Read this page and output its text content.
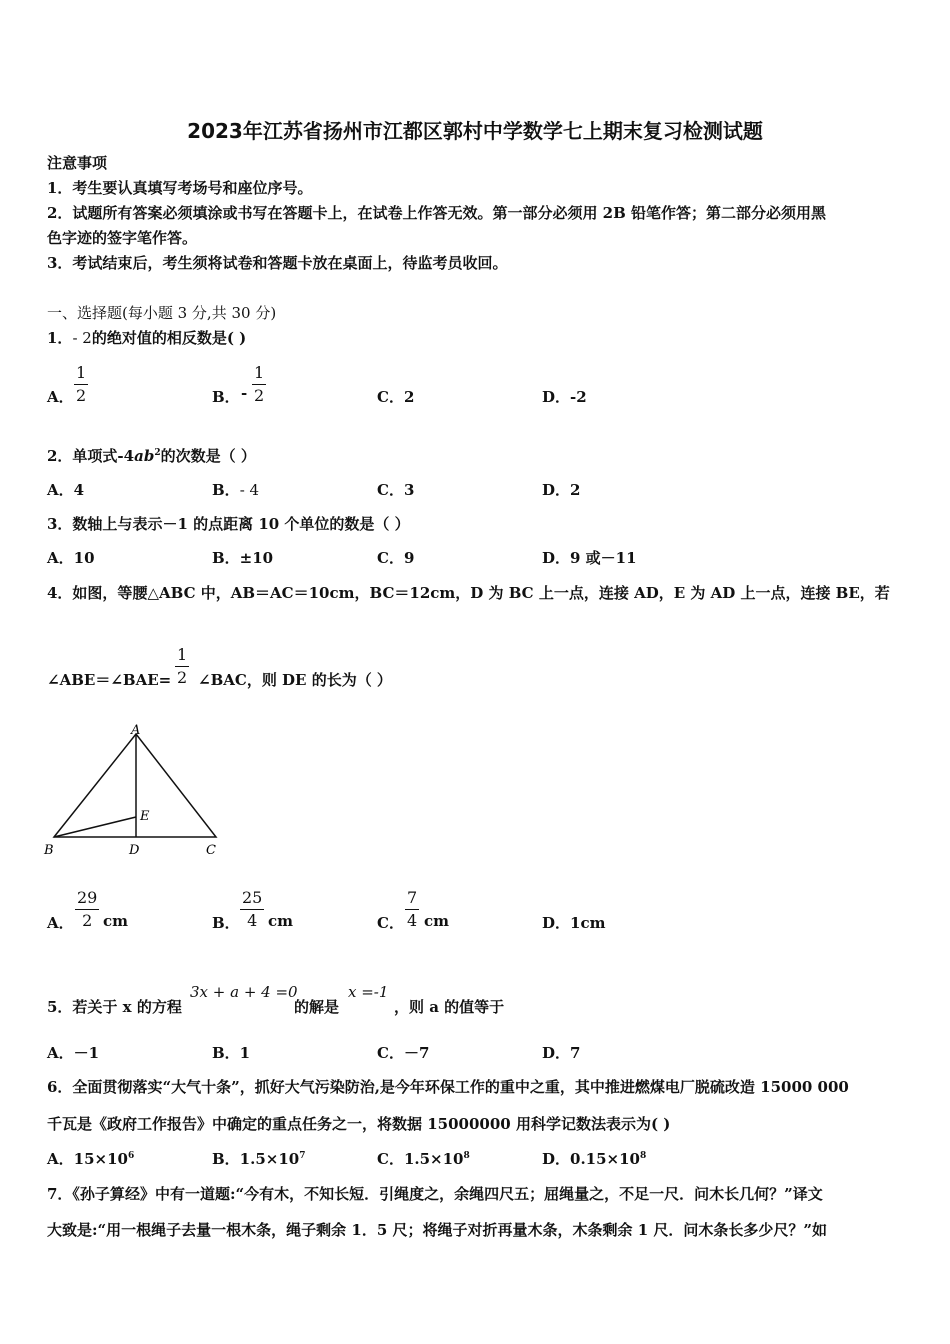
2023年江苏省扬州市江都区郭村中学数学七上期末复习检测试题
注意事项
1．考生要认真填写考场号和座位序号。
2．试题所有答案必须填涂或书写在答题卡上，在试卷上作答无效。第一部分必须用 2B 铅笔作答；第二部分必须用黑
色字迹的签字笔作答。
3．考试结束后，考生须将试卷和答题卡放在桌面上，待监考员收回。
一、选择题(每小题 3 分,共 30 分)
1．- 2的绝对值的相反数是( )
A． $\frac{1}{2}$	B． - $\frac{1}{2}$	C．2	D．-2
2．单项式$-4ab^2$的次数是（ ）
A．4	B．- 4	C．3	D．2
3．数轴上与表示－1 的点距离 10 个单位的数是（ ）
A．10	B．±10	C．9	D．9 或－11
4．如图，等腰△ABC 中，AB＝AC＝10cm，BC＝12cm，D 为 BC 上一点，连接 AD，E 为 AD 上一点，连接 BE，若
∠ABE＝∠BAE= $\frac{1}{2}$ ∠BAC，则 DE 的长为（ ）
A
E
B	D	C
A． $\frac{29}{2}$ cm	B． $\frac{25}{4}$ cm	C． $\frac{7}{4}$ cm	D．1cm
5．若关于 x 的方程
3x + a + 4 =0
的解是
x =-1
，则 a 的值等于
A．－1	B．1	C．－7	D．7
6．全面贯彻落实“大气十条”，抓好大气污染防治,是今年环保工作的重中之重，其中推进燃煤电厂脱硫改造 15000 000
千瓦是《政府工作报告》中确定的重点任务之一，将数据 15000000 用科学记数法表示为( )
A．$15\times 10^6$	B．$1.5\times 10^7$	C．$1.5\times 10^8$	D．$0.15\times 10^8$
7．《孙子算经》中有一道题:“今有木，不知长短．引绳度之，余绳四尺五；屈绳量之，不足一尺．问木长几何？”译文
大致是:“用一根绳子去量一根木条，绳子剩余 1．5 尺；将绳子对折再量木条，木条剩余 1 尺．问木条长多少尺？”如
